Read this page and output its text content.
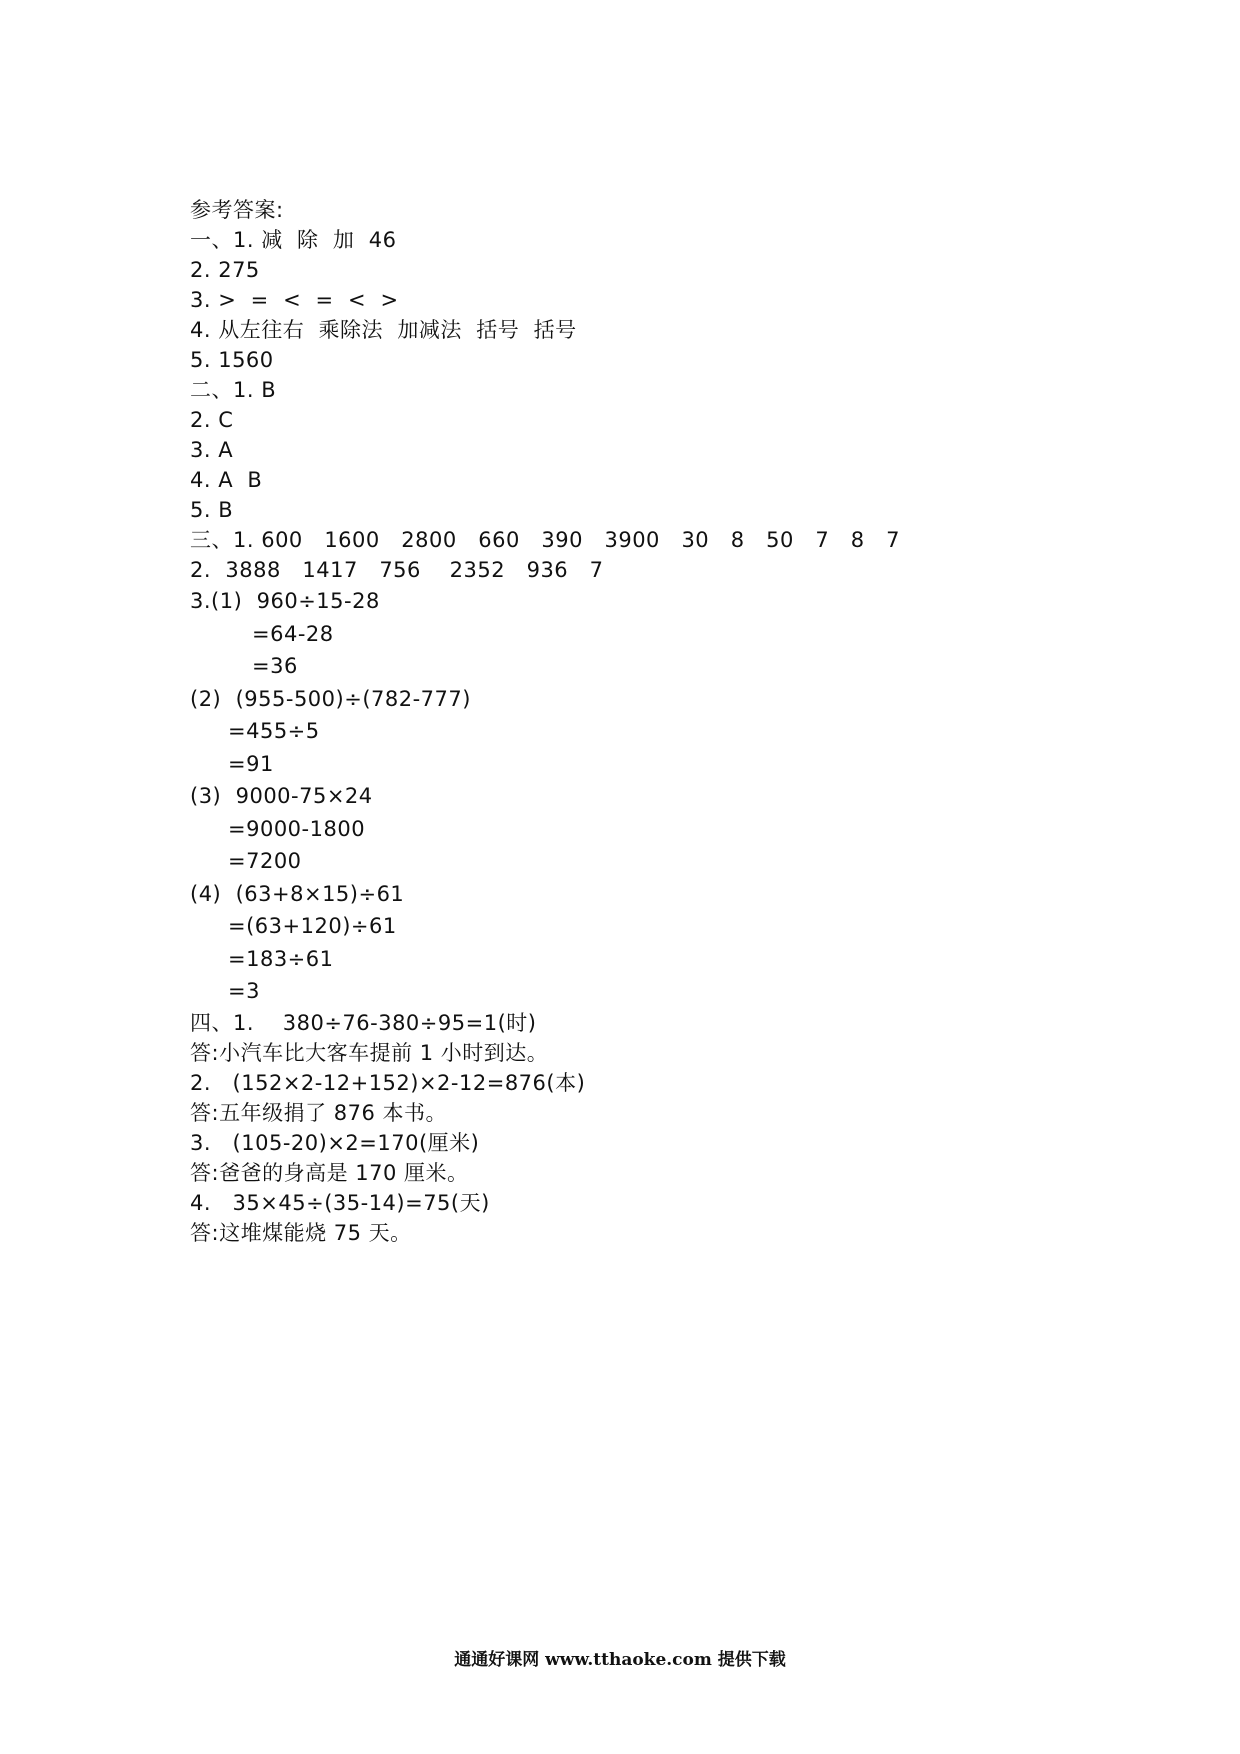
参考答案:
一、1. 减  除  加  46
2. 275
3. >  =  <  =  <  >
4. 从左往右  乘除法  加减法  括号  括号
5. 1560
二、1. B
2. C
3. A
4. A  B
5. B
三、1. 600   1600   2800   660   390   3900   30   8   50   7   8   7
2.  3888   1417   756    2352   936   7
3.(1)  960÷15-28
=64-28
=36
(2)  (955-500)÷(782-777)
=455÷5
=91
(3)  9000-75×24
=9000-1800
=7200
(4)  (63+8×15)÷61
=(63+120)÷61
=183÷61
=3
四、1.    380÷76-380÷95=1(时)
答:小汽车比大客车提前 1 小时到达。
2.   (152×2-12+152)×2-12=876(本)
答:五年级捐了 876 本书。
3.   (105-20)×2=170(厘米)
答:爸爸的身高是 170 厘米。
4.   35×45÷(35-14)=75(天)
答:这堆煤能烧 75 天。
通通好课网 www.tthaoke.com 提供下载
